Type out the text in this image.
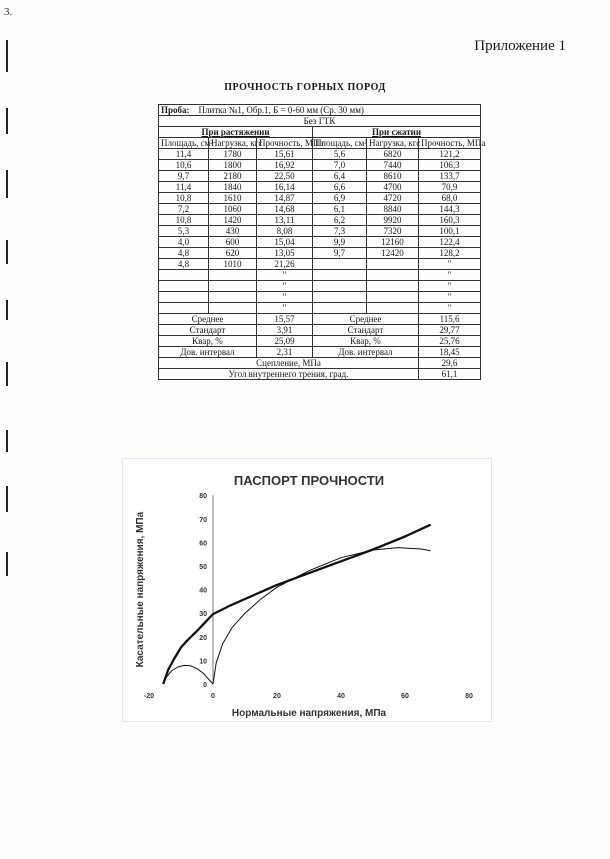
3.
Приложение 1
ПРОЧНОСТЬ ГОРНЫХ ПОРОД
Проба: Плитка №1, Обр.1, Б = 0-60 мм (Ср. 30 мм)					
Без ГТК					
При растяжении			При сжатии		
Площадь, см²	Нагрузка, кгс	Прочность, МПа	Площадь, см²	Нагрузка, кгс	Прочность, МПа
11,4	1780	15,61	5,6	6820	121,2
10,6	1800	16,92	7,0	7440	106,3
9,7	2180	22,50	6,4	8610	133,7
11,4	1840	16,14	6,6	4700	70,9
10,8	1610	14,87	6,9	4720	68,0
7,2	1060	14,68	6,1	8840	144,3
10,8	1420	13,11	6,2	9920	160,3
5,3	430	8,08	7,3	7320	100,1
4,0	600	15,04	9,9	12160	122,4
4,8	620	13,05	9,7	12420	128,2
4,8	1010	21,26			"
		"			"
		"			"
		"			"
		"			"
Среднее		15,57	Среднее		115,6
Стандарт		3,91	Стандарт		29,77
Квар, %		25,09	Квар, %		25,76
Дов. интервал		2,31	Дов. интервал		18,45
Сцепление, МПа					29,6
Угол внутреннего трения, град.					61,1
ПАСПОРТ ПРОЧНОСТИ
0
10
20
30
40
50
60
70
80
-20	0	20	40	60	80
Нормальные напряжения, МПа
Касательные напряжения, МПа
